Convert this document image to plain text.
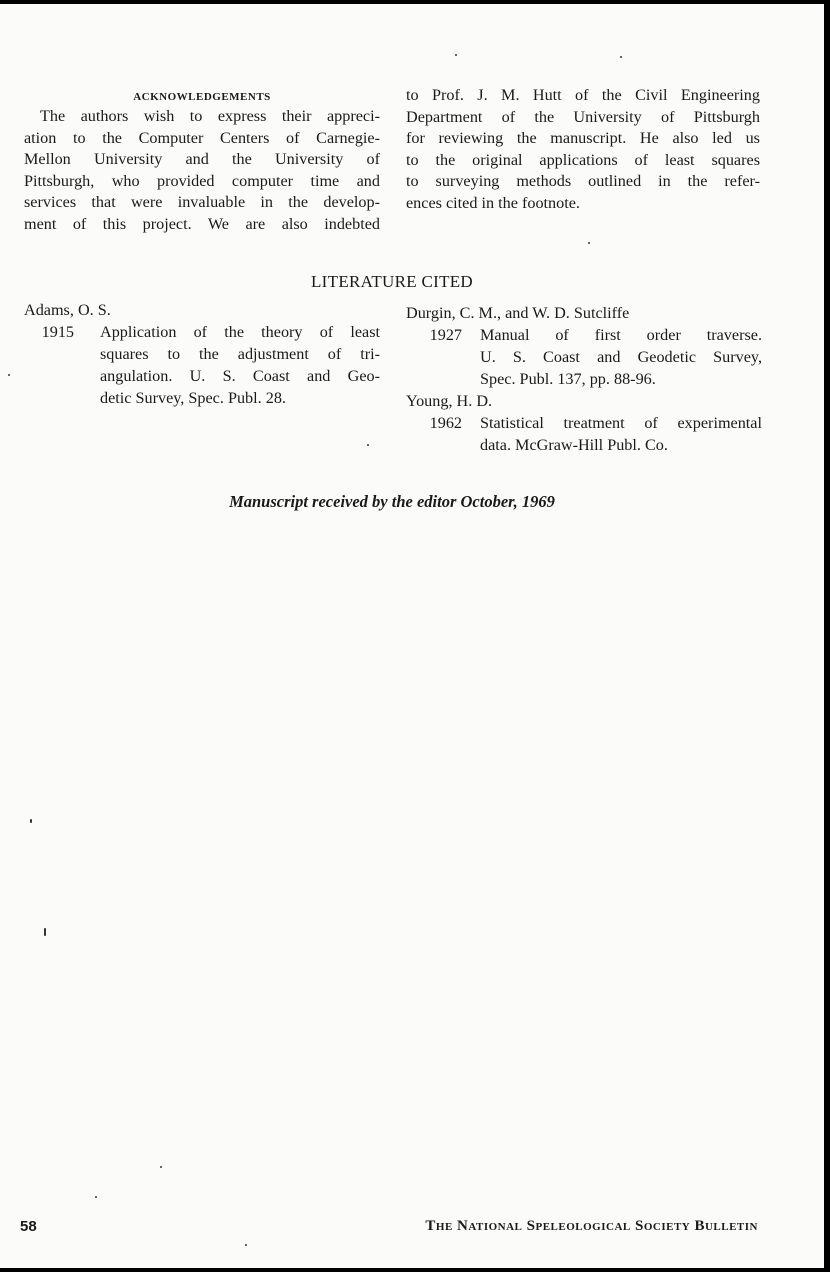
ACKNOWLEDGEMENTS
The authors wish to express their appreci-
ation to the Computer Centers of Carnegie-
Mellon University and the University of
Pittsburgh, who provided computer time and
services that were invaluable in the develop-
ment of this project. We are also indebted
to Prof. J. M. Hutt of the Civil Engineering
Department of the University of Pittsburgh
for reviewing the manuscript. He also led us
to the original applications of least squares
to surveying methods outlined in the refer-
ences cited in the footnote.
LITERATURE CITED
Adams, O. S.
1915	Application of the theory of least
squares to the adjustment of tri-
angulation. U. S. Coast and Geo-
detic Survey, Spec. Publ. 28.
Durgin, C. M., and W. D. Sutcliffe
1927	Manual of first order traverse.
U. S. Coast and Geodetic Survey,
Spec. Publ. 137, pp. 88-96.
Young, H. D.
1962	Statistical treatment of experimental
data. McGraw-Hill Publ. Co.
Manuscript received by the editor October, 1969
58	The National Speleological Society Bulletin
